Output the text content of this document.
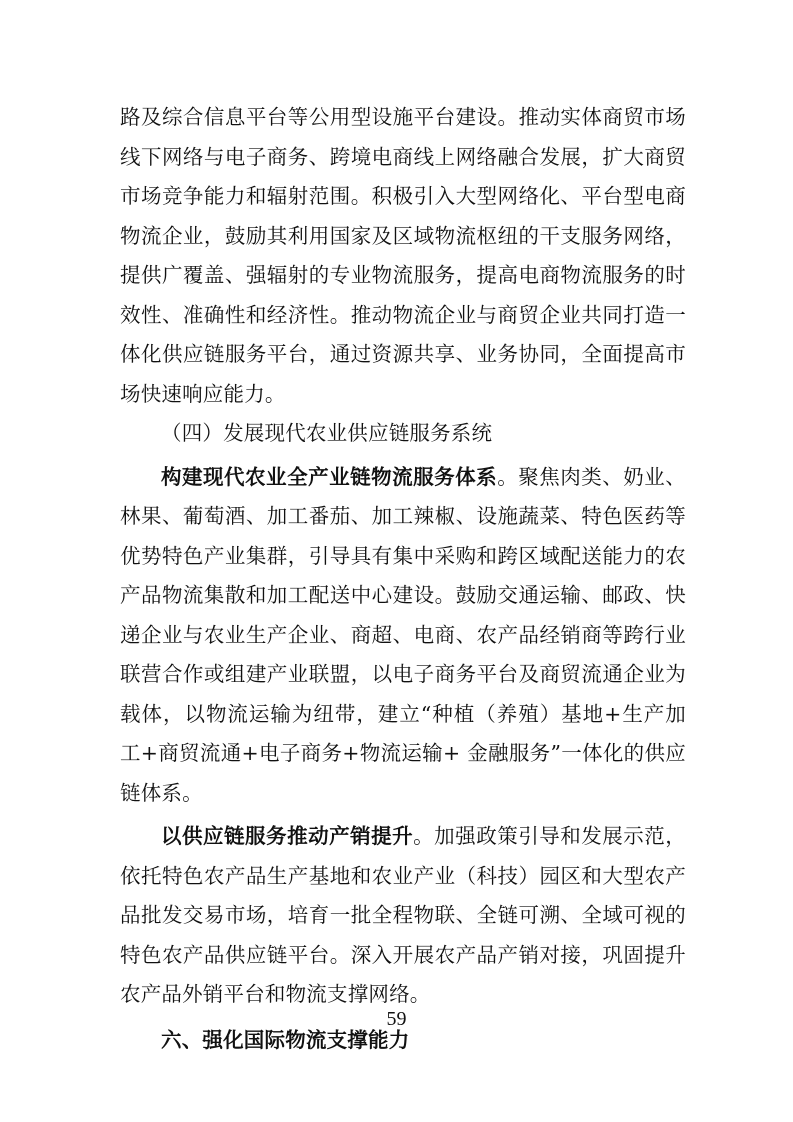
路及综合信息平台等公用型设施平台建设。推动实体商贸市场线下网络与电子商务、跨境电商线上网络融合发展，扩大商贸市场竞争能力和辐射范围。积极引入大型网络化、平台型电商物流企业，鼓励其利用国家及区域物流枢纽的干支服务网络，提供广覆盖、强辐射的专业物流服务，提高电商物流服务的时效性、准确性和经济性。推动物流企业与商贸企业共同打造一体化供应链服务平台，通过资源共享、业务协同，全面提高市场快速响应能力。

（四）发展现代农业供应链服务系统

构建现代农业全产业链物流服务体系。聚焦肉类、奶业、林果、葡萄酒、加工番茄、加工辣椒、设施蔬菜、特色医药等优势特色产业集群，引导具有集中采购和跨区域配送能力的农产品物流集散和加工配送中心建设。鼓励交通运输、邮政、快递企业与农业生产企业、商超、电商、农产品经销商等跨行业联营合作或组建产业联盟，以电子商务平台及商贸流通企业为载体，以物流运输为纽带，建立“种植（养殖）基地+生产加工+商贸流通+电子商务+物流运输+ 金融服务”一体化的供应链体系。

以供应链服务推动产销提升。加强政策引导和发展示范，依托特色农产品生产基地和农业产业（科技）园区和大型农产品批发交易市场，培育一批全程物联、全链可溯、全域可视的特色农产品供应链平台。深入开展农产品产销对接，巩固提升农产品外销平台和物流支撑网络。

六、强化国际物流支撑能力

59
